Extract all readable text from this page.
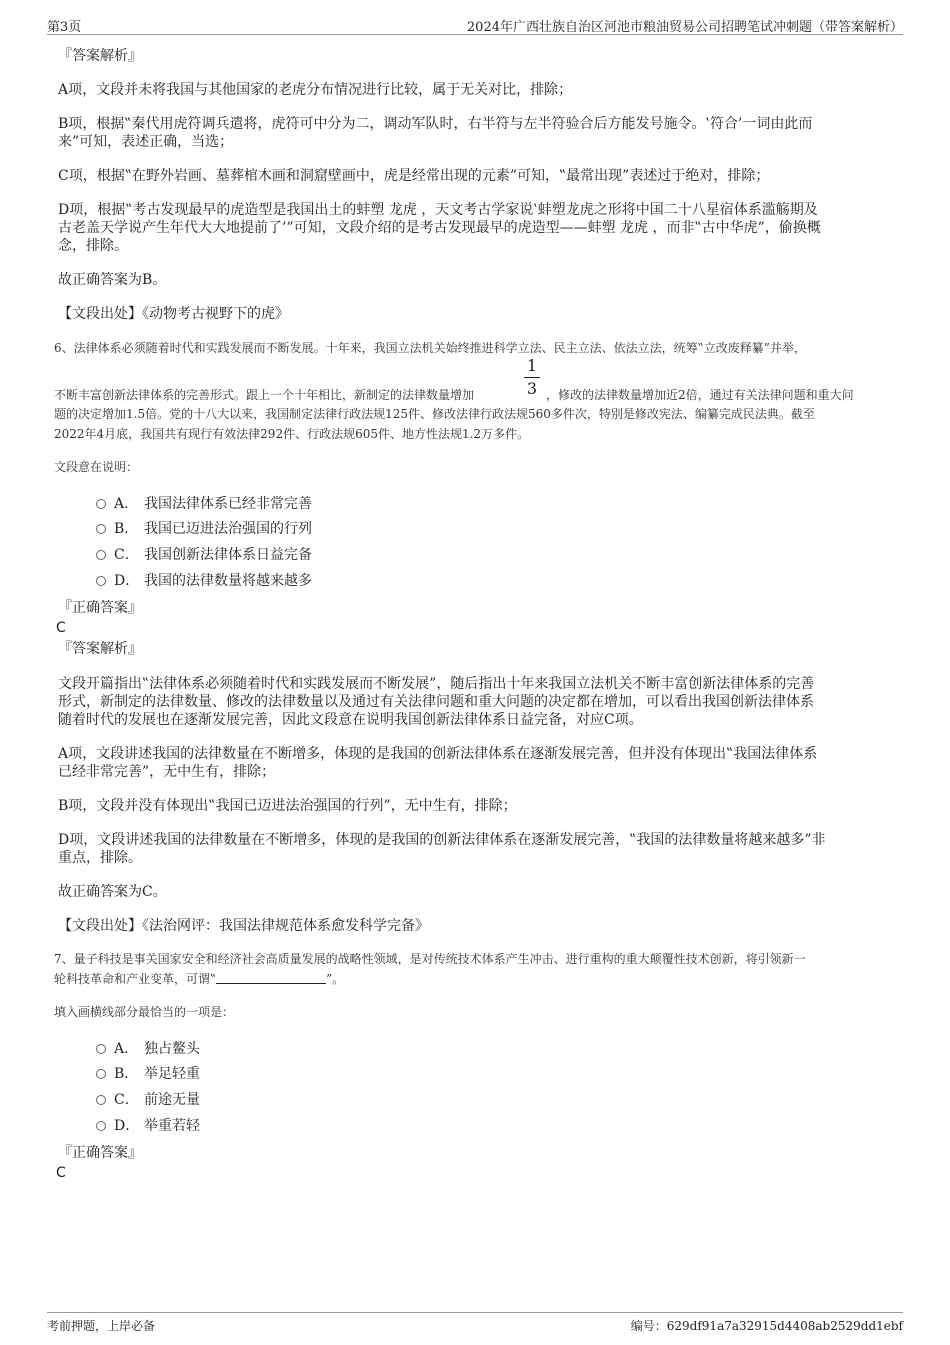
第3页	2024年广西壮族自治区河池市粮油贸易公司招聘笔试冲刺题（带答案解析）

『答案解析』

A项，文段并未将我国与其他国家的老虎分布情况进行比较，属于无关对比，排除；

B项，根据‟秦代用虎符调兵遣将，虎符可中分为二，调动军队时，右半符与左半符验合后方能发号施令。‛符合’一词由此而

来”可知，表述正确，当选；

C项，根据‟在野外岩画、墓葬棺木画和洞窟壁画中，虎是经常出现的元素”可知，‟最常出现”表述过于绝对，排除；

D项，根据‟考古发现最早的虎造型是我国出土的蚌塑 龙虎 ，天文考古学家说‛蚌塑龙虎之形将中国二十八星宿体系滥觞期及

古老盖天学说产生年代大大地提前了’”可知，文段介绍的是考古发现最早的虎造型——蚌塑 龙虎 ，而非‟古中华虎”，偷换概

念，排除。

故正确答案为B。

【文段出处】《动物考古视野下的虎》

6、法律体系必须随着时代和实践发展而不断发展。十年来，我国立法机关始终推进科学立法、民主立法、依法立法，统筹‟立改废释纂”并举，

1
3

不断丰富创新法律体系的完善形式。跟上一个十年相比，新制定的法律数量增加	，修改的法律数量增加近2倍，通过有关法律问题和重大问

题的决定增加1.5倍。党的十八大以来，我国制定法律行政法规125件、修改法律行政法规560多件次，特别是修改宪法、编纂完成民法典。截至

2022年4月底，我国共有现行有效法律292件、行政法规605件、地方性法规1.2万多件。

文段意在说明：

A． 我国法律体系已经非常完善
B． 我国已迈进法治强国的行列
C． 我国创新法律体系日益完备
D． 我国的法律数量将越来越多

『正确答案』

C

『答案解析』

文段开篇指出‟法律体系必须随着时代和实践发展而不断发展”，随后指出十年来我国立法机关不断丰富创新法律体系的完善

形式，新制定的法律数量、修改的法律数量以及通过有关法律问题和重大问题的决定都在增加，可以看出我国创新法律体系

随着时代的发展也在逐渐发展完善，因此文段意在说明我国创新法律体系日益完备，对应C项。

A项，文段讲述我国的法律数量在不断增多，体现的是我国的创新法律体系在逐渐发展完善，但并没有体现出‟我国法律体系

已经非常完善”，无中生有，排除；

B项，文段并没有体现出‟我国已迈进法治强国的行列”，无中生有，排除；

D项，文段讲述我国的法律数量在不断增多，体现的是我国的创新法律体系在逐渐发展完善，‟我国的法律数量将越来越多”非

重点，排除。

故正确答案为C。

【文段出处】《法治网评：我国法律规范体系愈发科学完备》

7、量子科技是事关国家安全和经济社会高质量发展的战略性领域，是对传统技术体系产生冲击、进行重构的重大颠覆性技术创新，将引领新一

轮科技革命和产业变革，可谓‟	”。

填入画横线部分最恰当的一项是：

A． 独占鳌头
B． 举足轻重
C． 前途无量
D． 举重若轻

『正确答案』

C

考前押题，上岸必备	编号：629df91a7a32915d4408ab2529dd1ebf
